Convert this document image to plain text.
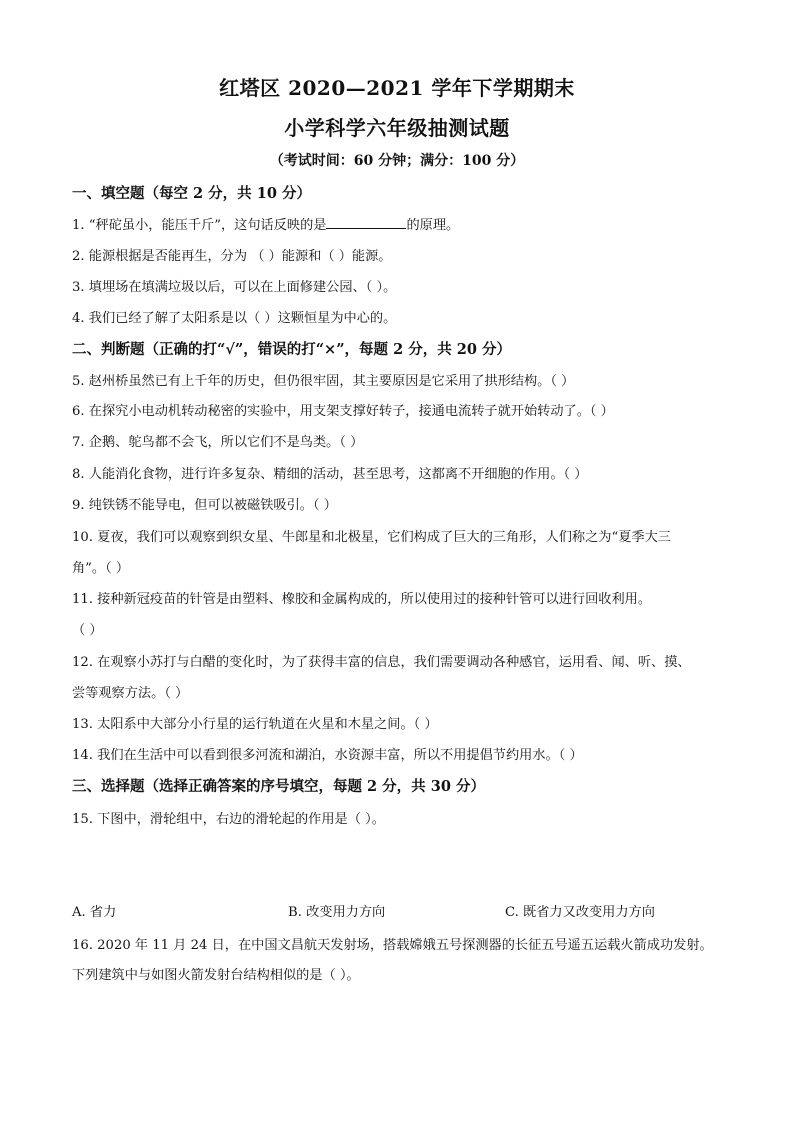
红塔区 2020—2021 学年下学期期末
小学科学六年级抽测试题
（考试时间：60 分钟；满分：100 分）
一、填空题（每空 2 分，共 10 分）
1. “秤砣虽小，能压千斤”，这句话反映的是	的原理。
2. 能源根据是否能再生，分为 （ ）能源和（ ）能源。
3. 填埋场在填满垃圾以后，可以在上面修建公园、（ ）。
4. 我们已经了解了太阳系是以（ ）这颗恒星为中心的。
二、判断题（正确的打“√”，错误的打“×”，每题 2 分，共 20 分）
5. 赵州桥虽然已有上千年的历史，但仍很牢固，其主要原因是它采用了拱形结构。（ ）
6. 在探究小电动机转动秘密的实验中，用支架支撑好转子，接通电流转子就开始转动了。（ ）
7. 企鹅、鸵鸟都不会飞，所以它们不是鸟类。（ ）
8. 人能消化食物，进行许多复杂、精细的活动，甚至思考，这都离不开细胞的作用。（ ）
9. 纯铁锈不能导电，但可以被磁铁吸引。（ ）
10. 夏夜，我们可以观察到织女星、牛郎星和北极星，它们构成了巨大的三角形，人们称之为“夏季大三
角”。（ ）
11. 接种新冠疫苗的针管是由塑料、橡胶和金属构成的，所以使用过的接种针管可以进行回收利用。
（ ）
12. 在观察小苏打与白醋的变化时，为了获得丰富的信息，我们需要调动各种感官，运用看、闻、听、摸、
尝等观察方法。（ ）
13. 太阳系中大部分小行星的运行轨道在火星和木星之间。（ ）
14. 我们在生活中可以看到很多河流和湖泊，水资源丰富，所以不用提倡节约用水。（ ）
三、选择题（选择正确答案的序号填空，每题 2 分，共 30 分）
15. 下图中，滑轮组中，右边的滑轮起的作用是（ ）。
A. 省力	B. 改变用力方向	C. 既省力又改变用力方向
16. 2020 年 11 月 24 日，在中国文昌航天发射场，搭载嫦娥五号探测器的长征五号遥五运载火箭成功发射。
下列建筑中与如图火箭发射台结构相似的是（ ）。
